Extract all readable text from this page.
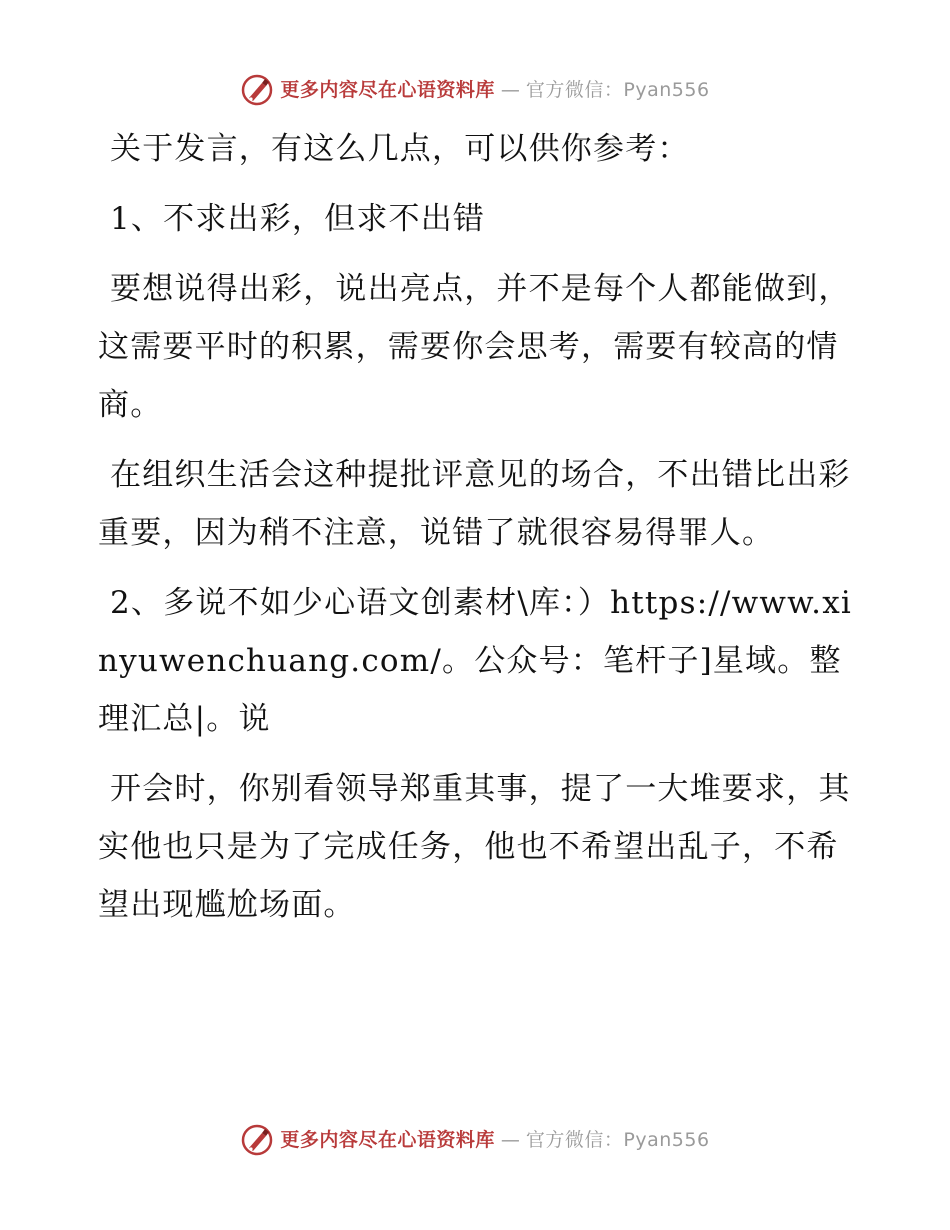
更多内容尽在心语资料库 — 官方微信：Pyan556

关于发言，有这么几点，可以供你参考：

1、不求出彩，但求不出错

要想说得出彩，说出亮点，并不是每个人都能做到，这需要平时的积累，需要你会思考，需要有较高的情商。

在组织生活会这种提批评意见的场合，不出错比出彩重要，因为稍不注意，说错了就很容易得罪人。

2、多说不如少心语文创素材\库：）https://www.xinyuwenchuang.com/。公众号：笔杆子]星域。整理汇总|。说

开会时，你别看领导郑重其事，提了一大堆要求，其实他也只是为了完成任务，他也不希望出乱子，不希望出现尴尬场面。

更多内容尽在心语资料库 — 官方微信：Pyan556
